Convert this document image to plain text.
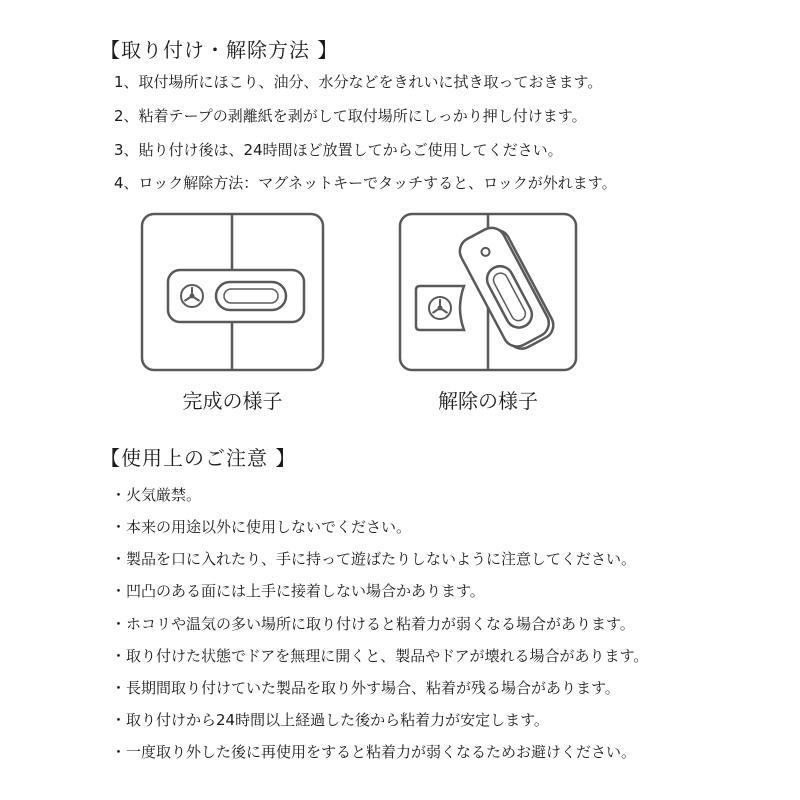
【取り付け・解除方法 】
1、取付場所にほこり、油分、水分などをきれいに拭き取っておきます。
2、粘着テープの剥離紙を剥がして取付場所にしっかり押し付けます。
3、貼り付け後は、24時間ほど放置してからご使用してください。
4、ロック解除方法：マグネットキーでタッチすると、ロックが外れます。
完成の様子	解除の様子
【使用上のご注意 】
・火気厳禁。
・本来の用途以外に使用しないでください。
・製品を口に入れたり、手に持って遊ばたりしないように注意してください。
・凹凸のある面には上手に接着しない場合かあります。
・ホコリや温気の多い場所に取り付けると粘着力が弱くなる場合があります。
・取り付けた状態でドアを無理に開くと、製品やドアが壊れる場合があります。
・長期間取り付けていた製品を取り外す場合、粘着が残る場合があります。
・取り付けから24時間以上経過した後から粘着力が安定します。
・一度取り外した後に再使用をすると粘着力が弱くなるためお避けください。
